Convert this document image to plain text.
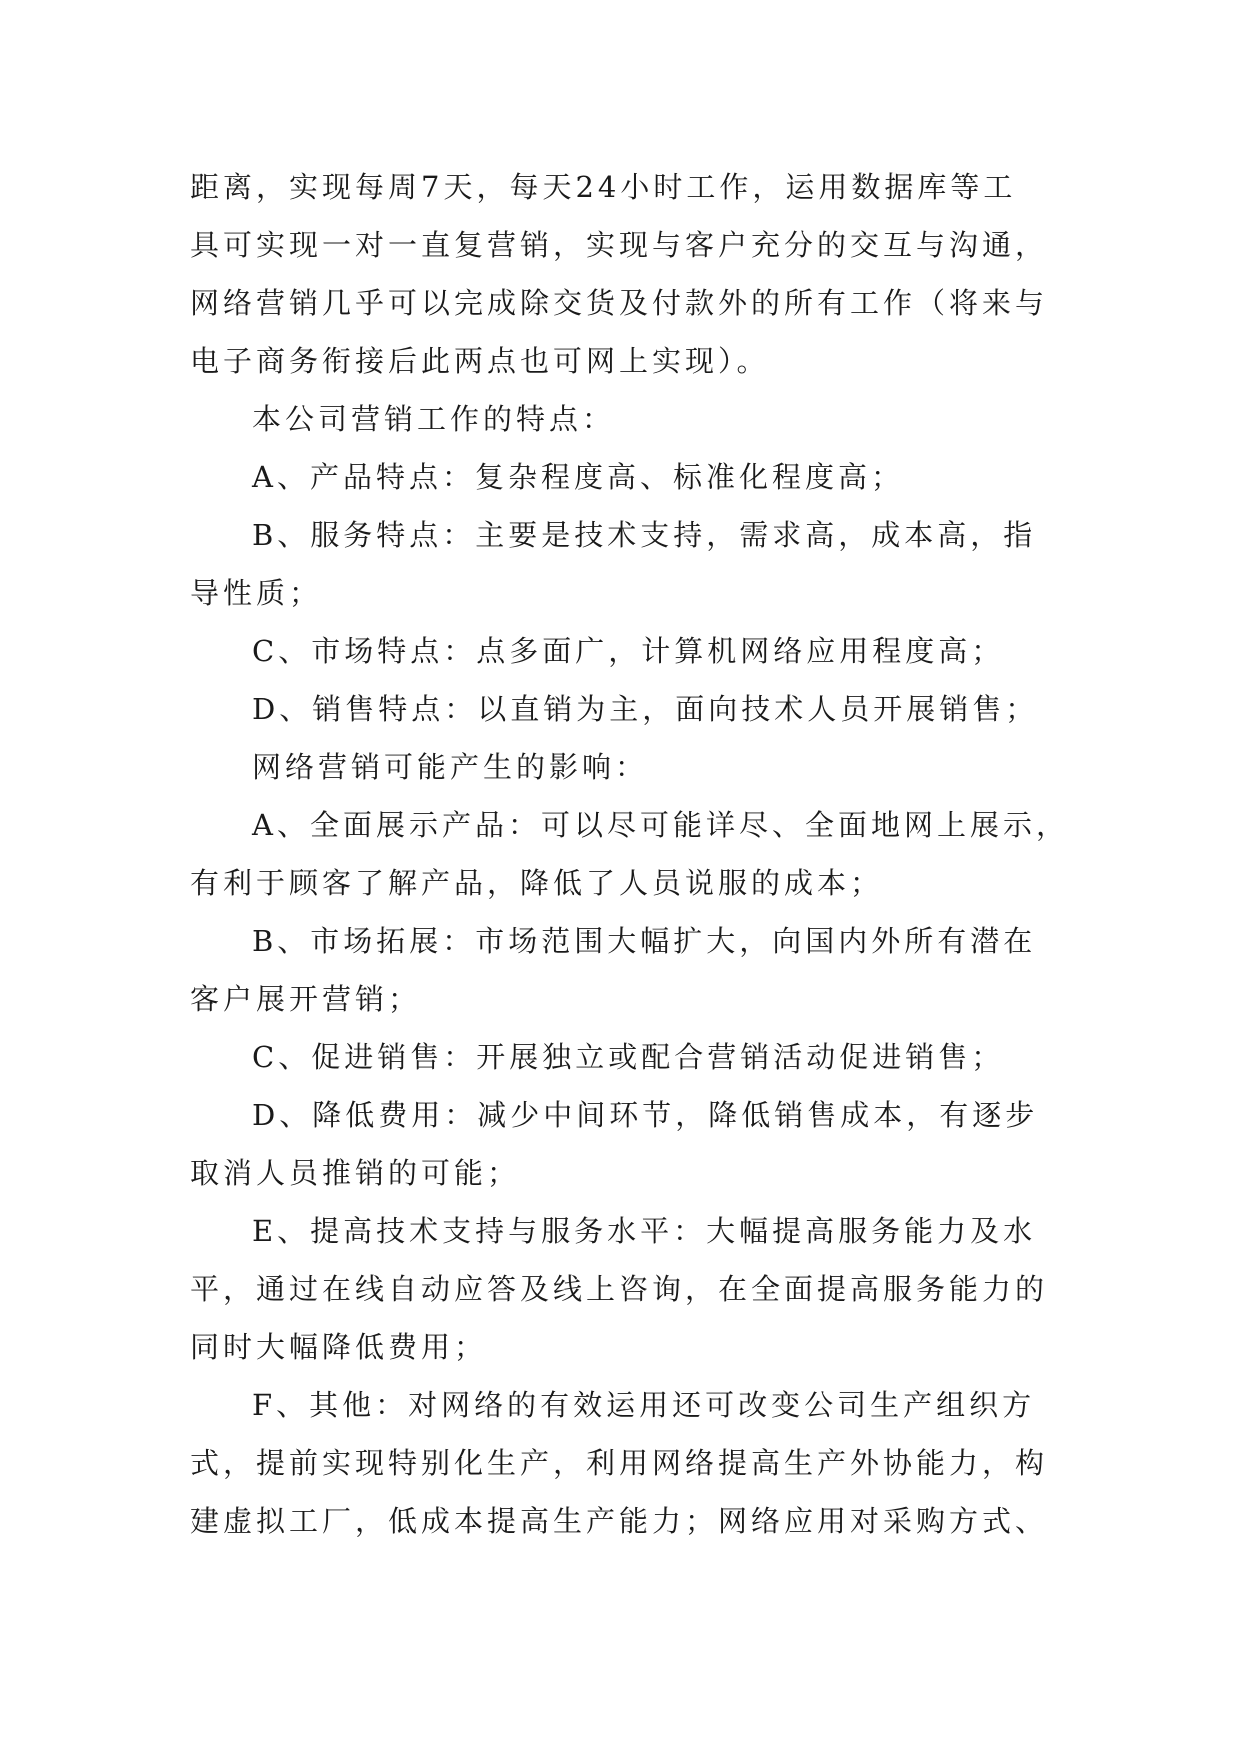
距离，实现每周7天，每天24小时工作，运用数据库等工
具可实现一对一直复营销，实现与客户充分的交互与沟通，
网络营销几乎可以完成除交货及付款外的所有工作（将来与
电子商务衔接后此两点也可网上实现）。
本公司营销工作的特点：
A、产品特点：复杂程度高、标准化程度高；
B、服务特点：主要是技术支持，需求高，成本高，指
导性质；
C、市场特点：点多面广，计算机网络应用程度高；
D、销售特点：以直销为主，面向技术人员开展销售；
网络营销可能产生的影响：
A、全面展示产品：可以尽可能详尽、全面地网上展示，
有利于顾客了解产品，降低了人员说服的成本；
B、市场拓展：市场范围大幅扩大，向国内外所有潜在
客户展开营销；
C、促进销售：开展独立或配合营销活动促进销售；
D、降低费用：减少中间环节，降低销售成本，有逐步
取消人员推销的可能；
E、提高技术支持与服务水平：大幅提高服务能力及水
平，通过在线自动应答及线上咨询，在全面提高服务能力的
同时大幅降低费用；
F、其他：对网络的有效运用还可改变公司生产组织方
式，提前实现特别化生产，利用网络提高生产外协能力，构
建虚拟工厂，低成本提高生产能力；网络应用对采购方式、
